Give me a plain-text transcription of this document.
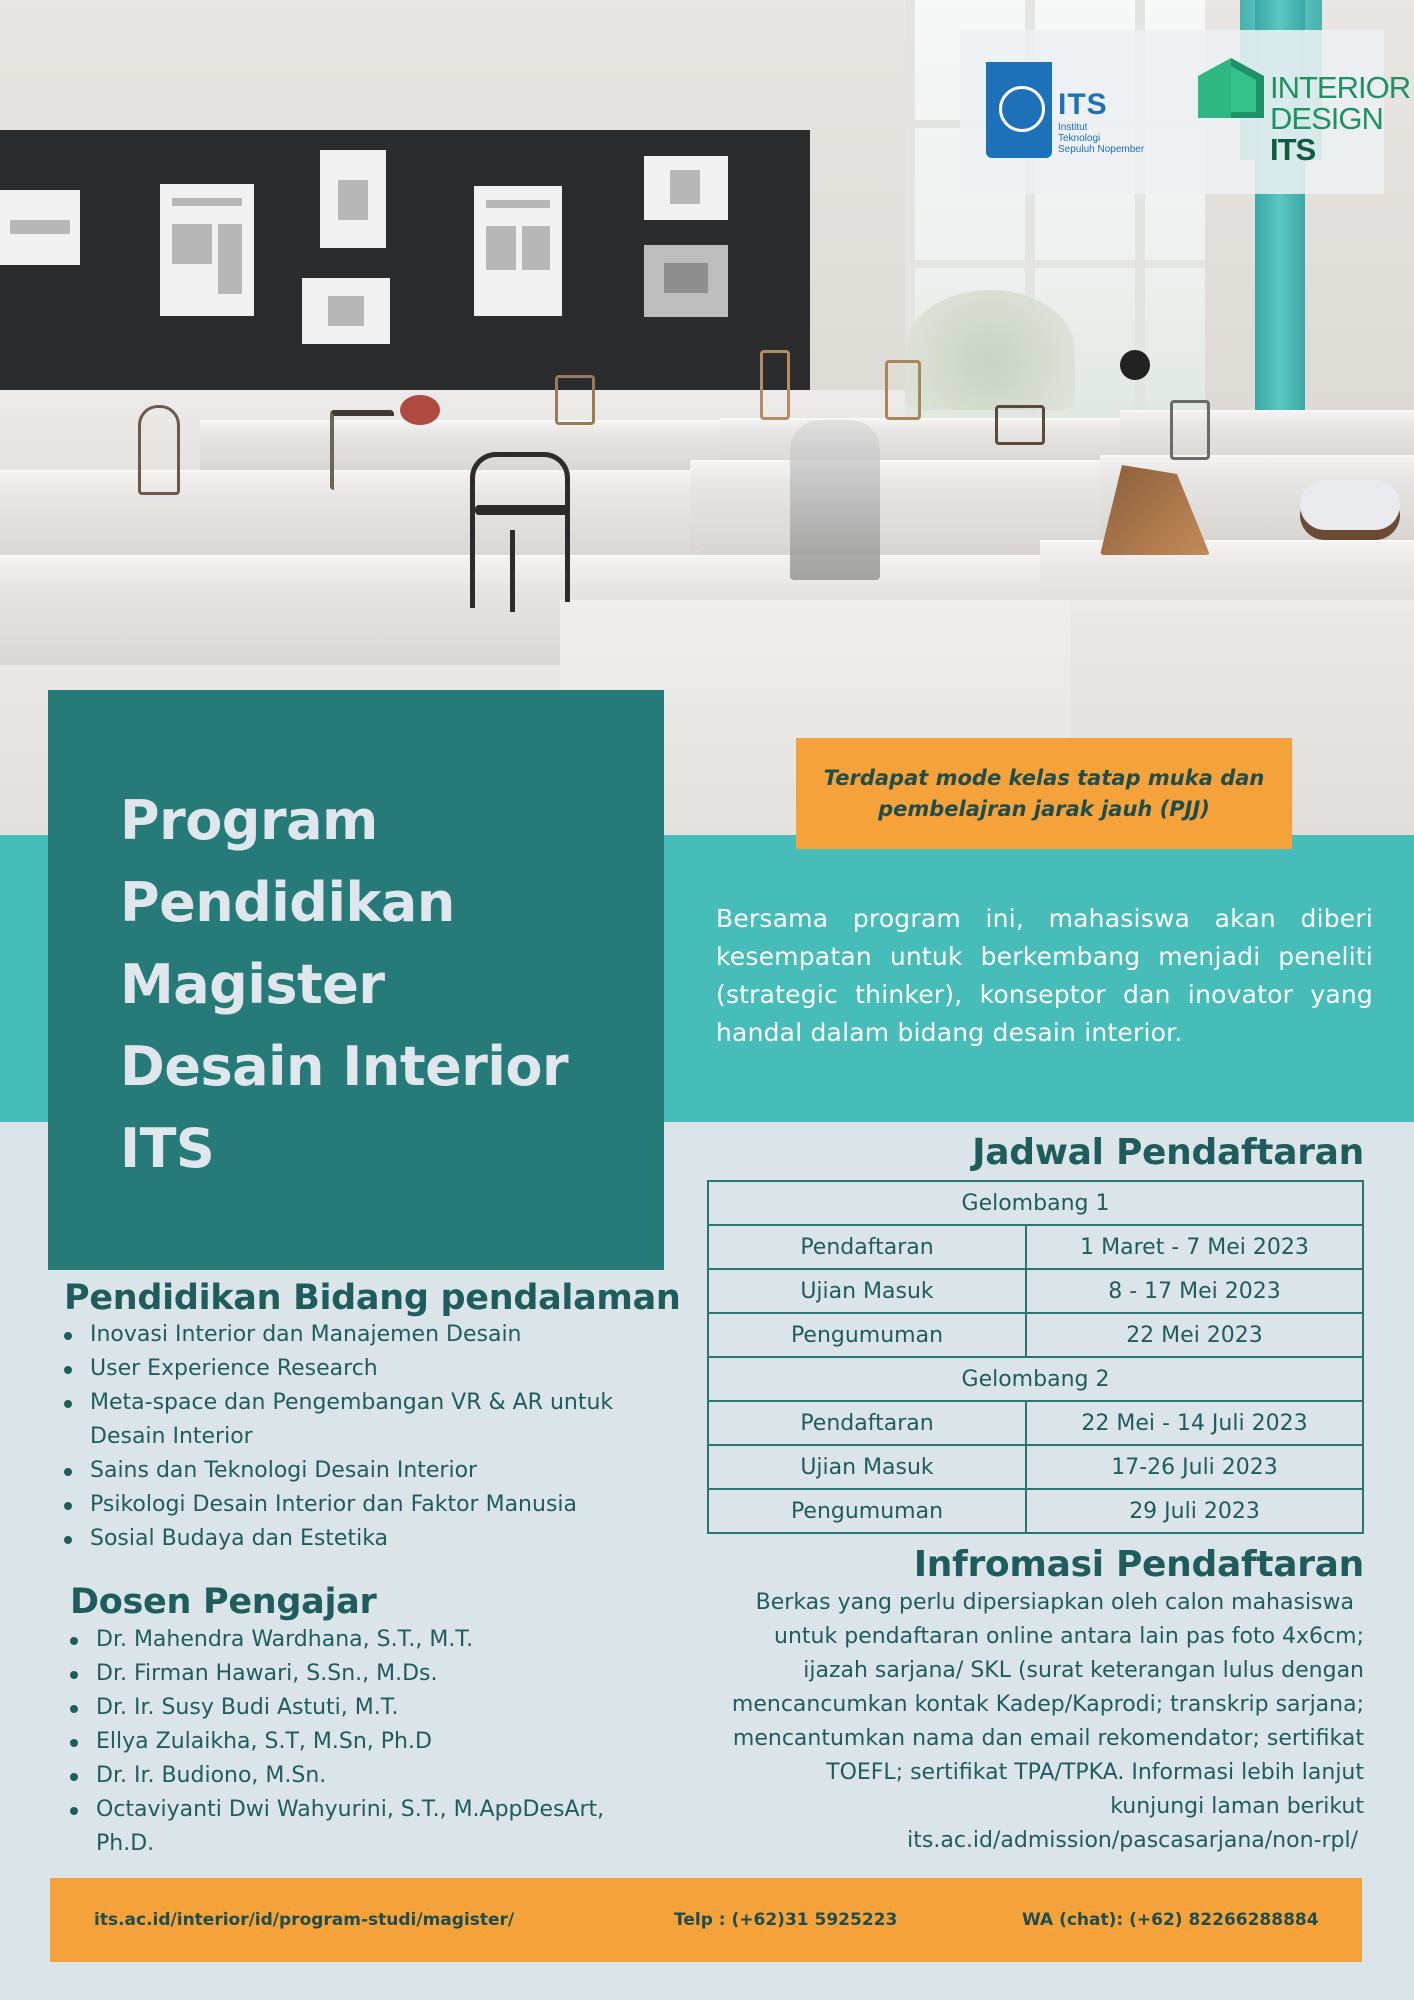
ITS
Institut
Teknologi
Sepuluh Nopember
INTERIOR
DESIGN
ITS
Program
Pendidikan
Magister
Desain Interior
ITS
Terdapat mode kelas tatap muka dan pembelajran jarak jauh (PJJ)

Bersama program ini, mahasiswa akan diberi kesempatan untuk berkembang menjadi peneliti (strategic thinker), konseptor dan inovator yang handal dalam bidang desain interior.

Pendidikan Bidang pendalaman
Inovasi Interior dan Manajemen Desain
User Experience Research
Meta-space dan Pengembangan VR & AR untuk Desain Interior
Sains dan Teknologi Desain Interior
Psikologi Desain Interior dan Faktor Manusia
Sosial Budaya dan Estetika
Dosen Pengajar
Dr. Mahendra Wardhana, S.T., M.T.
Dr. Firman Hawari, S.Sn., M.Ds.
Dr. Ir. Susy Budi Astuti, M.T.
Ellya Zulaikha, S.T, M.Sn, Ph.D
Dr. Ir. Budiono, M.Sn.
Octaviyanti Dwi Wahyurini, S.T., M.AppDesArt, Ph.D.
Jadwal Pendaftaran
Gelombang 1	
Pendaftaran	1 Maret - 7 Mei 2023
Ujian Masuk	8 - 17 Mei 2023
Pengumuman	22 Mei 2023
Gelombang 2	
Pendaftaran	22 Mei - 14 Juli 2023
Ujian Masuk	17-26 Juli 2023
Pengumuman	29 Juli 2023
Infromasi Pendaftaran
Berkas yang perlu dipersiapkan oleh calon mahasiswa
untuk pendaftaran online antara lain pas foto 4x6cm;
ijazah sarjana/ SKL (surat keterangan lulus dengan
mencancumkan kontak Kadep/Kaprodi; transkrip sarjana;
mencantumkan nama dan email rekomendator; sertifikat
TOEFL; sertifikat TPA/TPKA. Informasi lebih lanjut
kunjungi laman berikut
its.ac.id/admission/pascasarjana/non-rpl/
its.ac.id/interior/id/program-studi/magister/	Telp : (+62)31 5925223	WA (chat): (+62) 82266288884
